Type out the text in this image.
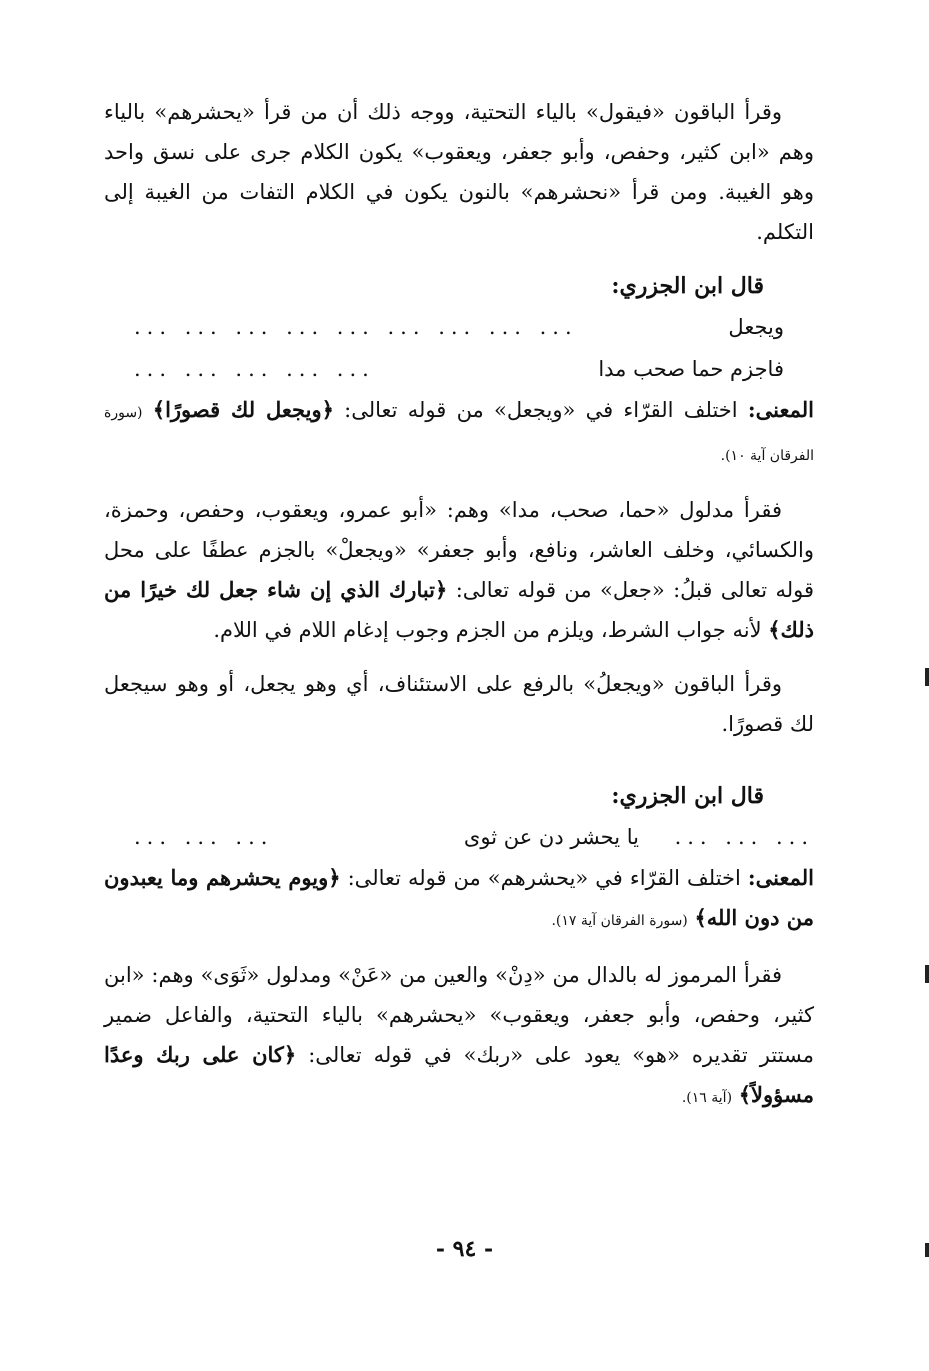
وقرأ الباقون «فيقول» بالياء التحتية، ووجه ذلك أن من قرأ «يحشرهم» بالياء وهم «ابن كثير، وحفص، وأبو جعفر، ويعقوب» يكون الكلام جرى على نسق واحد وهو الغيبة. ومن قرأ «نحشرهم» بالنون يكون في الكلام التفات من الغيبة إلى التكلم.

قال ابن الجزري:

ويجعل
... ... ... ... ... ... ... ... ...
فاجزم حما صحب مدا
... ... ... ... ...

المعنى: اختلف القرّاء في «ويجعل» من قوله تعالى: ﴿ويجعل لك قصورًا﴾ (سورة الفرقان آية ١٠).

فقرأ مدلول «حما، صحب، مدا» وهم: «أبو عمرو، ويعقوب، وحفص، وحمزة، والكسائي، وخلف العاشر، ونافع، وأبو جعفر» «ويجعلْ» بالجزم عطفًا على محل قوله تعالى قبلُ: «جعل» من قوله تعالى: ﴿تبارك الذي إن شاء جعل لك خيرًا من ذلك﴾ لأنه جواب الشرط، ويلزم من الجزم وجوب إدغام اللام في اللام.

وقرأ الباقون «ويجعلُ» بالرفع على الاستئناف، أي وهو يجعل، أو وهو سيجعل لك قصورًا.

قال ابن الجزري:

... ... ...	يا يحشر دن عن ثوى ... ... ...

المعنى: اختلف القرّاء في «يحشرهم» من قوله تعالى: ﴿ويوم يحشرهم وما يعبدون من دون الله﴾ (سورة الفرقان آية ١٧).

فقرأ المرموز له بالدال من «دِنْ» والعين من «عَنْ» ومدلول «ثَوَى» وهم: «ابن كثير، وحفص، وأبو جعفر، ويعقوب» «يحشرهم» بالياء التحتية، والفاعل ضمير مستتر تقديره «هو» يعود على «ربك» في قوله تعالى: ﴿كان على ربك وعدًا مسؤولاً﴾ (آية ١٦).

- ٩٤ -
